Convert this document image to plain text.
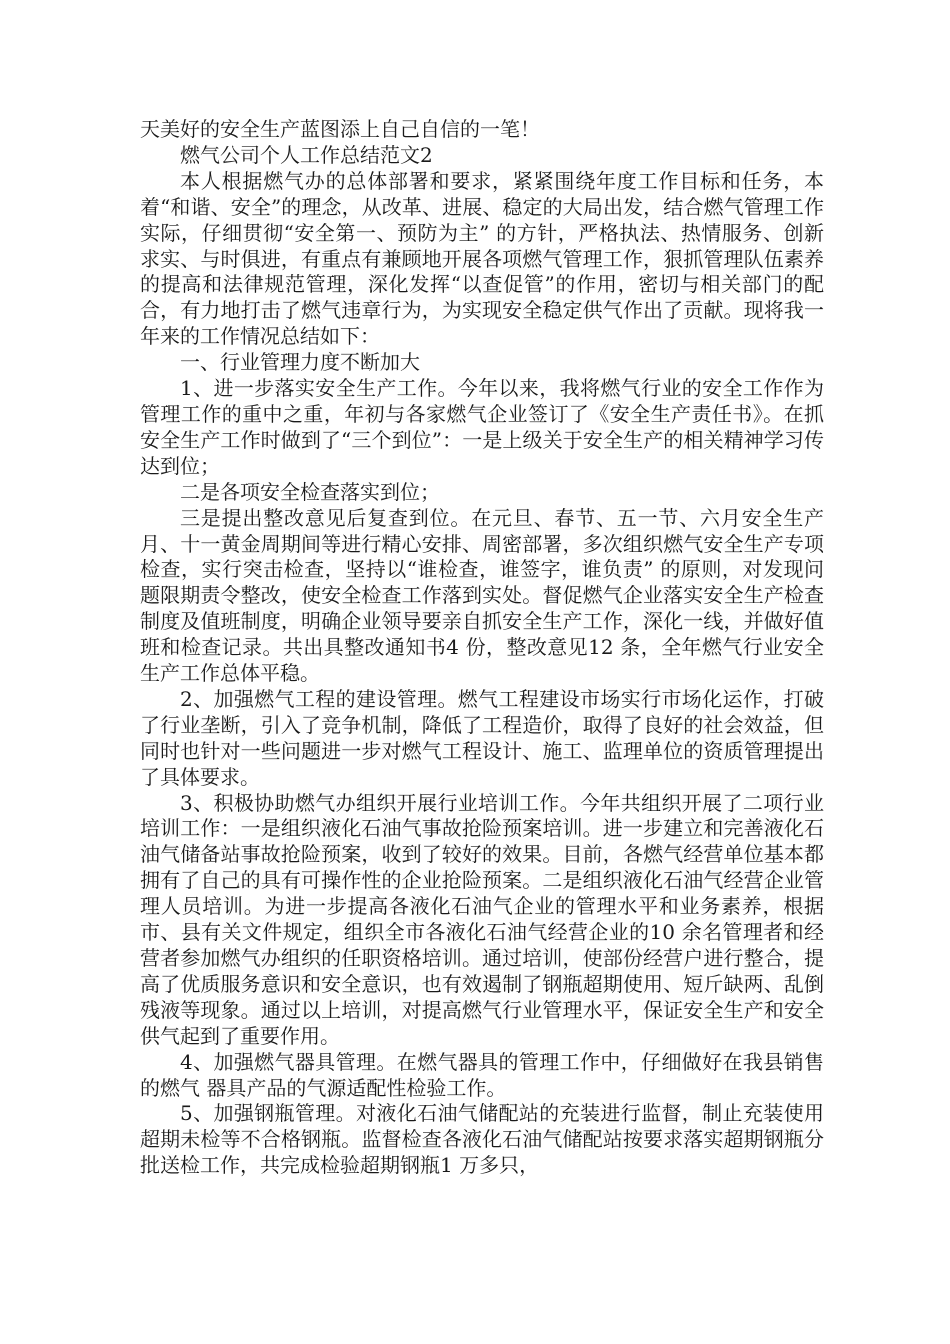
天美好的安全生产蓝图添上自己自信的一笔！

燃气公司个人工作总结范文2

本人根据燃气办的总体部署和要求，紧紧围绕年度工作目标和任务，本着“和谐、安全”的理念，从改革、进展、稳定的大局出发，结合燃气管理工作实际，仔细贯彻“安全第一、预防为主” 的方针，严格执法、热情服务、创新求实、与时俱进，有重点有兼顾地开展各项燃气管理工作，狠抓管理队伍素养的提高和法律规范管理，深化发挥“以查促管”的作用，密切与相关部门的配合，有力地打击了燃气违章行为，为实现安全稳定供气作出了贡献。现将我一年来的工作情况总结如下：

一、行业管理力度不断加大

1、进一步落实安全生产工作。今年以来，我将燃气行业的安全工作作为管理工作的重中之重，年初与各家燃气企业签订了《安全生产责任书》。在抓安全生产工作时做到了“三个到位”：一是上级关于安全生产的相关精神学习传达到位；

二是各项安全检查落实到位；

三是提出整改意见后复查到位。在元旦、春节、五一节、六月安全生产月、十一黄金周期间等进行精心安排、周密部署，多次组织燃气安全生产专项检查，实行突击检查，坚持以“谁检查，谁签字，谁负责” 的原则，对发现问题限期责令整改，使安全检查工作落到实处。督促燃气企业落实安全生产检查制度及值班制度，明确企业领导要亲自抓安全生产工作，深化一线，并做好值班和检查记录。共出具整改通知书4 份，整改意见12 条，全年燃气行业安全生产工作总体平稳。

2、加强燃气工程的建设管理。燃气工程建设市场实行市场化运作，打破了行业垄断，引入了竞争机制，降低了工程造价，取得了良好的社会效益，但同时也针对一些问题进一步对燃气工程设计、施工、监理单位的资质管理提出了具体要求。

3、积极协助燃气办组织开展行业培训工作。今年共组织开展了二项行业培训工作：一是组织液化石油气事故抢险预案培训。进一步建立和完善液化石油气储备站事故抢险预案，收到了较好的效果。目前，各燃气经营单位基本都拥有了自己的具有可操作性的企业抢险预案。二是组织液化石油气经营企业管理人员培训。为进一步提高各液化石油气企业的管理水平和业务素养，根据市、县有关文件规定，组织全市各液化石油气经营企业的10 余名管理者和经营者参加燃气办组织的任职资格培训。通过培训，使部份经营户进行整合，提高了优质服务意识和安全意识，也有效遏制了钢瓶超期使用、短斤缺两、乱倒残液等现象。通过以上培训，对提高燃气行业管理水平，保证安全生产和安全供气起到了重要作用。

4、加强燃气器具管理。在燃气器具的管理工作中，仔细做好在我县销售的燃气 器具产品的气源适配性检验工作。

5、加强钢瓶管理。对液化石油气储配站的充装进行监督，制止充装使用超期未检等不合格钢瓶。监督检查各液化石油气储配站按要求落实超期钢瓶分批送检工作，共完成检验超期钢瓶1 万多只，
